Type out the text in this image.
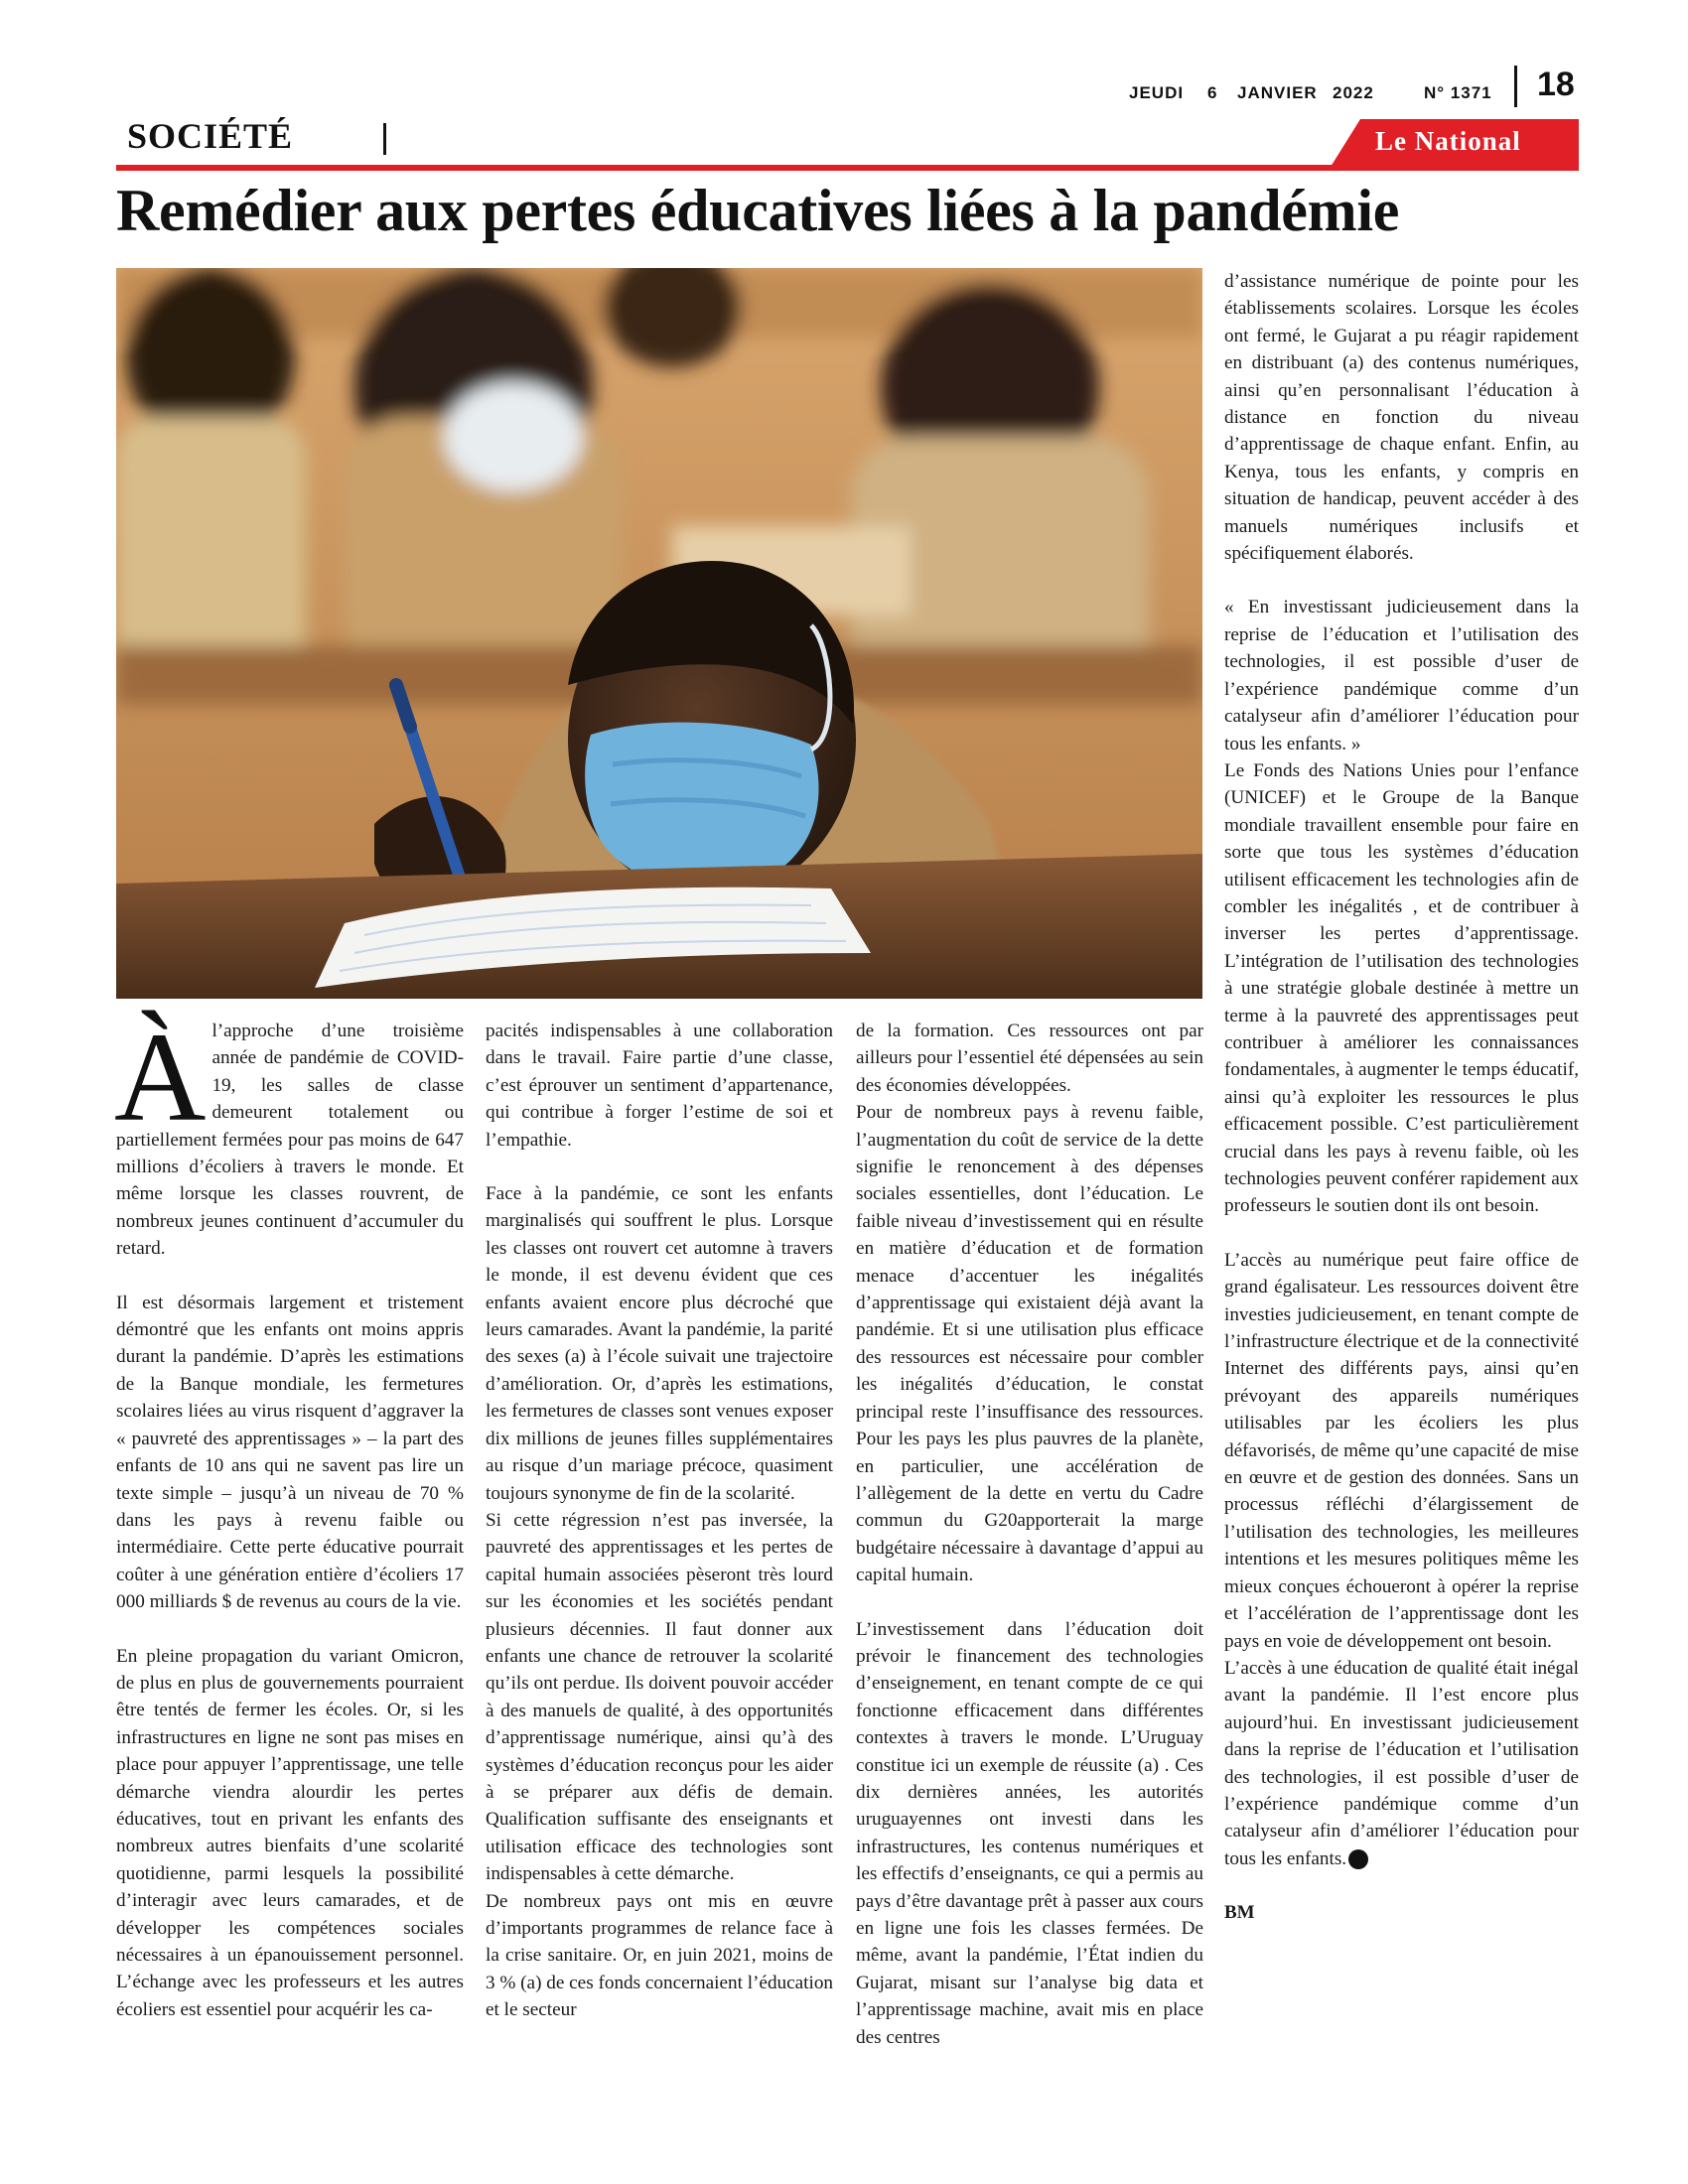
JEUDI 6 JANVIER 2022	N° 1371 18
SOCIÉTÉ	Le National
Remédier aux pertes éducatives liées à la pandémie

Àl’approche d’une troisième année de pandémie de COVID-19, les salles de classe demeurent totalement ou partiellement fermées pour pas moins de 647 millions d’écoliers à travers le monde. Et même lorsque les classes rouvrent, de nombreux jeunes continuent d’accumuler du retard.

Il est désormais largement et tristement démontré que les enfants ont moins appris durant la pandémie. D’après les estimations de la Banque mondiale, les fermetures scolaires liées au virus risquent d’aggraver la « pauvreté des apprentissages » – la part des enfants de 10 ans qui ne savent pas lire un texte simple – jusqu’à un niveau de 70 % dans les pays à revenu faible ou intermédiaire. Cette perte éducative pourrait coûter à une génération entière d’écoliers 17 000 milliards $ de revenus au cours de la vie.

En pleine propagation du variant Omicron, de plus en plus de gouvernements pourraient être tentés de fermer les écoles. Or, si les infrastructures en ligne ne sont pas mises en place pour appuyer l’apprentissage, une telle démarche viendra alourdir les pertes éducatives, tout en privant les enfants des nombreux autres bienfaits d’une scolarité quotidienne, parmi lesquels la possibilité d’interagir avec leurs camarades, et de développer les compétences sociales nécessaires à un épanouissement personnel. L’échange avec les professeurs et les autres écoliers est essentiel pour acquérir les ca-

pacités indispensables à une collaboration dans le travail. Faire partie d’une classe, c’est éprouver un sentiment d’appartenance, qui contribue à forger l’estime de soi et l’empathie.

Face à la pandémie, ce sont les enfants marginalisés qui souffrent le plus. Lorsque les classes ont rouvert cet automne à travers le monde, il est devenu évident que ces enfants avaient encore plus décroché que leurs camarades. Avant la pandémie, la parité des sexes (a) à l’école suivait une trajectoire d’amélioration. Or, d’après les estimations, les fermetures de classes sont venues exposer dix millions de jeunes filles supplémentaires au risque d’un mariage précoce, quasiment toujours synonyme de fin de la scolarité.

Si cette régression n’est pas inversée, la pauvreté des apprentissages et les pertes de capital humain associées pèseront très lourd sur les économies et les sociétés pendant plusieurs décennies. Il faut donner aux enfants une chance de retrouver la scolarité qu’ils ont perdue. Ils doivent pouvoir accéder à des manuels de qualité, à des opportunités d’apprentissage numérique, ainsi qu’à des systèmes d’éducation reconçus pour les aider à se préparer aux défis de demain. Qualification suffisante des enseignants et utilisation efficace des technologies sont indispensables à cette démarche.

De nombreux pays ont mis en œuvre d’importants programmes de relance face à la crise sanitaire. Or, en juin 2021, moins de 3 % (a) de ces fonds concernaient l’éducation et le secteur

de la formation. Ces ressources ont par ailleurs pour l’essentiel été dépensées au sein des économies développées.

Pour de nombreux pays à revenu faible, l’augmentation du coût de service de la dette signifie le renoncement à des dépenses sociales essentielles, dont l’éducation. Le faible niveau d’investissement qui en résulte en matière d’éducation et de formation menace d’accentuer les inégalités d’apprentissage qui existaient déjà avant la pandémie. Et si une utilisation plus efficace des ressources est nécessaire pour combler les inégalités d’éducation, le constat principal reste l’insuffisance des ressources. Pour les pays les plus pauvres de la planète, en particulier, une accélération de l’allègement de la dette en vertu du Cadre commun du G20apporterait la marge budgétaire nécessaire à davantage d’appui au capital humain.

L’investissement dans l’éducation doit prévoir le financement des technologies d’enseignement, en tenant compte de ce qui fonctionne efficacement dans différentes contextes à travers le monde. L’Uruguay constitue ici un exemple de réussite (a) . Ces dix dernières années, les autorités uruguayennes ont investi dans les infrastructures, les contenus numériques et les effectifs d’enseignants, ce qui a permis au pays d’être davantage prêt à passer aux cours en ligne une fois les classes fermées. De même, avant la pandémie, l’État indien du Gujarat, misant sur l’analyse big data et l’apprentissage machine, avait mis en place des centres

d’assistance numérique de pointe pour les établissements scolaires. Lorsque les écoles ont fermé, le Gujarat a pu réagir rapidement en distribuant (a) des contenus numériques, ainsi qu’en personnalisant l’éducation à distance en fonction du niveau d’apprentissage de chaque enfant. Enfin, au Kenya, tous les enfants, y compris en situation de handicap, peuvent accéder à des manuels numériques inclusifs et spécifiquement élaborés.

« En investissant judicieusement dans la reprise de l’éducation et l’utilisation des technologies, il est possible d’user de l’expérience pandémique comme d’un catalyseur afin d’améliorer l’éducation pour tous les enfants. »

Le Fonds des Nations Unies pour l’enfance (UNICEF) et le Groupe de la Banque mondiale travaillent ensemble pour faire en sorte que tous les systèmes d’éducation utilisent efficacement les technologies afin de combler les inégalités , et de contribuer à inverser les pertes d’apprentissage. L’intégration de l’utilisation des technologies à une stratégie globale destinée à mettre un terme à la pauvreté des apprentissages peut contribuer à améliorer les connaissances fondamentales, à augmenter le temps éducatif, ainsi qu’à exploiter les ressources le plus efficacement possible. C’est particulièrement crucial dans les pays à revenu faible, où les technologies peuvent conférer rapidement aux professeurs le soutien dont ils ont besoin.

L’accès au numérique peut faire office de grand égalisateur. Les ressources doivent être investies judicieusement, en tenant compte de l’infrastructure électrique et de la connectivité Internet des différents pays, ainsi qu’en prévoyant des appareils numériques utilisables par les écoliers les plus défavorisés, de même qu’une capacité de mise en œuvre et de gestion des données. Sans un processus réfléchi d’élargissement de l’utilisation des technologies, les meilleures intentions et les mesures politiques même les mieux conçues échoueront à opérer la reprise et l’accélération de l’apprentissage dont les pays en voie de développement ont besoin.

L’accès à une éducation de qualité était inégal avant la pandémie. Il l’est encore plus aujourd’hui. En investissant judicieusement dans la reprise de l’éducation et l’utilisation des technologies, il est possible d’user de l’expérience pandémique comme d’un catalyseur afin d’améliorer l’éducation pour tous les enfants.

BM
